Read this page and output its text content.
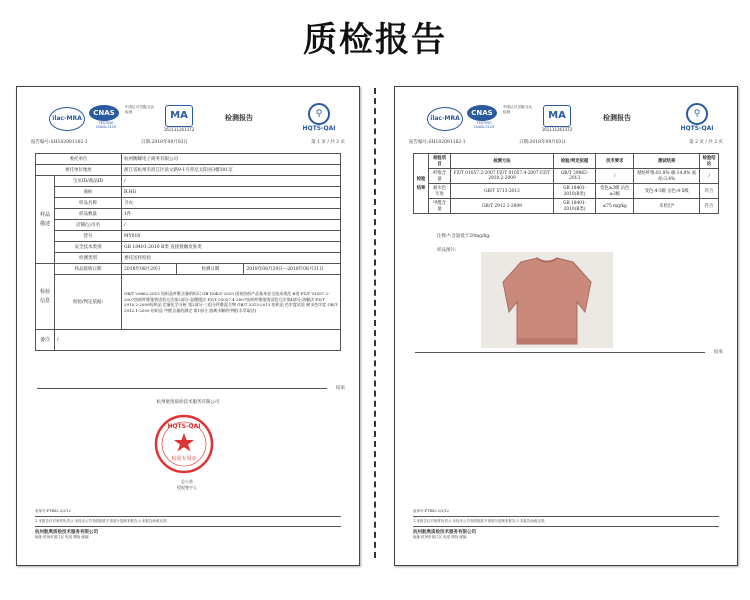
质检报告
ilac-MRA
CNAS
TESTING CNASL3129
中国认可 国际互认 检测	MA
161111261372
检测报告	⚲
HQTS-QAI
报告编号:SH182081162-1	日期:2018年09月03日	第 1 页 / 共 2 页
委托单位		杭州衡曜电子商务有限公司		
委托单位地址		浙江省杭州市滨江区滨文路9-1号普尼太阳谷3楼301室		
样品描述	宝贝ID/商品ID	/		
	商标	B.HG		
	样品名称	卫衣		
	样品数量	1件		
	店铺/公司名	/		
	货号	MY018		
	安全技术类别	GB 18401-2010 B类 直接接触皮肤类		
	检测类别	委托送样检验		
检验信息	样品接收日期	2018年08月29日	检测日期	2018年08月29日—2018年08月31日
	检验/判定依据:	GB/T 29862-2013 纺织品纤维含量的标识 GB 18401-2010 国家纺织产品基本安全技术规范 B类 FZ/T 01057.2-2007纺织纤维鉴别试验方法第2部分:显微镜法 FZ/T 01057.4-2007纺织纤维鉴别试验方法第4部分:溶解法 FZ/T 2910.2-2009纺织品 定量化学分析 第2部分:三组分纤维混合物 GB/T 3313-2013 纺织品 色牢度试验 耐水色牢度 GB/T 2912.1-2009 纺织品 甲醛含量的测定 第1部分 游离水解的甲醛(水萃取法)		
备注	/			
结束
杭州航奥质检技术服务有限公司
HQTS-QAI
检验专用章
总小养
授权签字人
表单号:FTR82-2/3/12
1.本报告仅对来样负责;2.未经本公司书面批准不得部分复制本报告;3.本报告涂改无效;
杭州航奥质检技术服务有限公司
地址:杭州市滨江区 电话 网址 邮编
ilac-MRA
CNAS
TESTING CNASL3129
中国认可 国际互认 检测	MA
161111261372
检测报告	⚲
HQTS-QAI
报告编号:SH182081162-1	日期:2018年09月03日	第 2 页 / 共 2 页
检验结果	检验项目	检测方法	检验/判定依据	技术要求	测试结果	检验结论
	纤维含量	FZ/T 01057.2-2007 FZ/T 01057.4-2007 FZ/T 2910.2-2009	GB/T 29862-2013	/	腈纶纤维:81.8% 棉:14.8% 氨纶:3.4%	/
	耐水色牢度	GB/T 5713-2013	GB 18401-2010(B类)	变色≥3级 沾色≥3级	变色:4-5级 沾色:4-5级	符合
	甲醛含量	GB/T 2912.1-2009	GB 18401-2010(B类)	≤75 mg/kg	未检出*	符合
注释:*-含量低于20mg/kg;
样品图片:
结束
表单号:FTR82-2/3/12
1.本报告仅对来样负责;2.未经本公司书面批准不得部分复制本报告;3.本报告涂改无效;
杭州航奥质检技术服务有限公司
地址:杭州市滨江区 电话 网址 邮编
